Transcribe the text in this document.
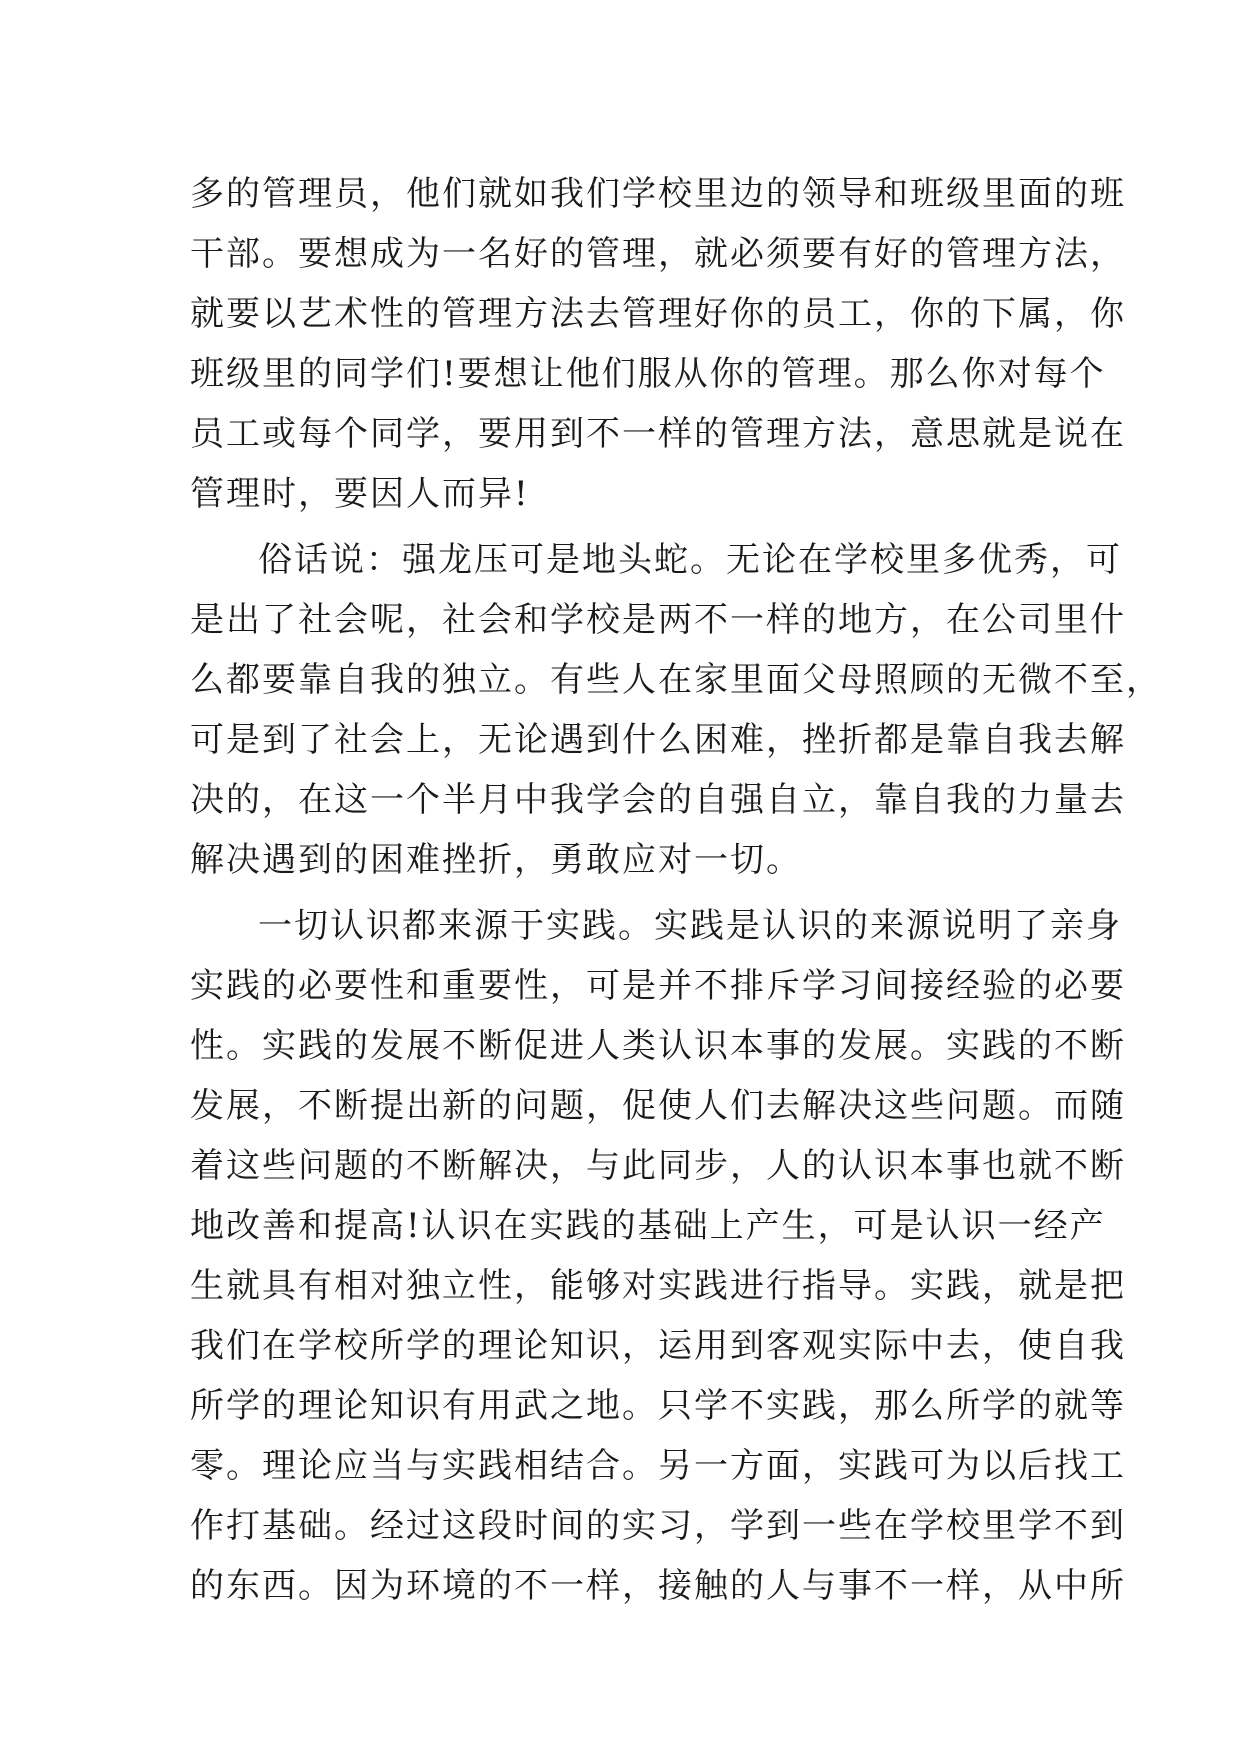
多的管理员，他们就如我们学校里边的领导和班级里面的班
干部。要想成为一名好的管理，就必须要有好的管理方法，
就要以艺术性的管理方法去管理好你的员工，你的下属，你
班级里的同学们!要想让他们服从你的管理。那么你对每个
员工或每个同学，要用到不一样的管理方法，意思就是说在
管理时，要因人而异!
俗话说：强龙压可是地头蛇。无论在学校里多优秀，可
是出了社会呢，社会和学校是两不一样的地方，在公司里什
么都要靠自我的独立。有些人在家里面父母照顾的无微不至，
可是到了社会上，无论遇到什么困难，挫折都是靠自我去解
决的，在这一个半月中我学会的自强自立，靠自我的力量去
解决遇到的困难挫折，勇敢应对一切。
一切认识都来源于实践。实践是认识的来源说明了亲身
实践的必要性和重要性，可是并不排斥学习间接经验的必要
性。实践的发展不断促进人类认识本事的发展。实践的不断
发展，不断提出新的问题，促使人们去解决这些问题。而随
着这些问题的不断解决，与此同步，人的认识本事也就不断
地改善和提高!认识在实践的基础上产生，可是认识一经产
生就具有相对独立性，能够对实践进行指导。实践，就是把
我们在学校所学的理论知识，运用到客观实际中去，使自我
所学的理论知识有用武之地。只学不实践，那么所学的就等
零。理论应当与实践相结合。另一方面，实践可为以后找工
作打基础。经过这段时间的实习，学到一些在学校里学不到
的东西。因为环境的不一样，接触的人与事不一样，从中所
